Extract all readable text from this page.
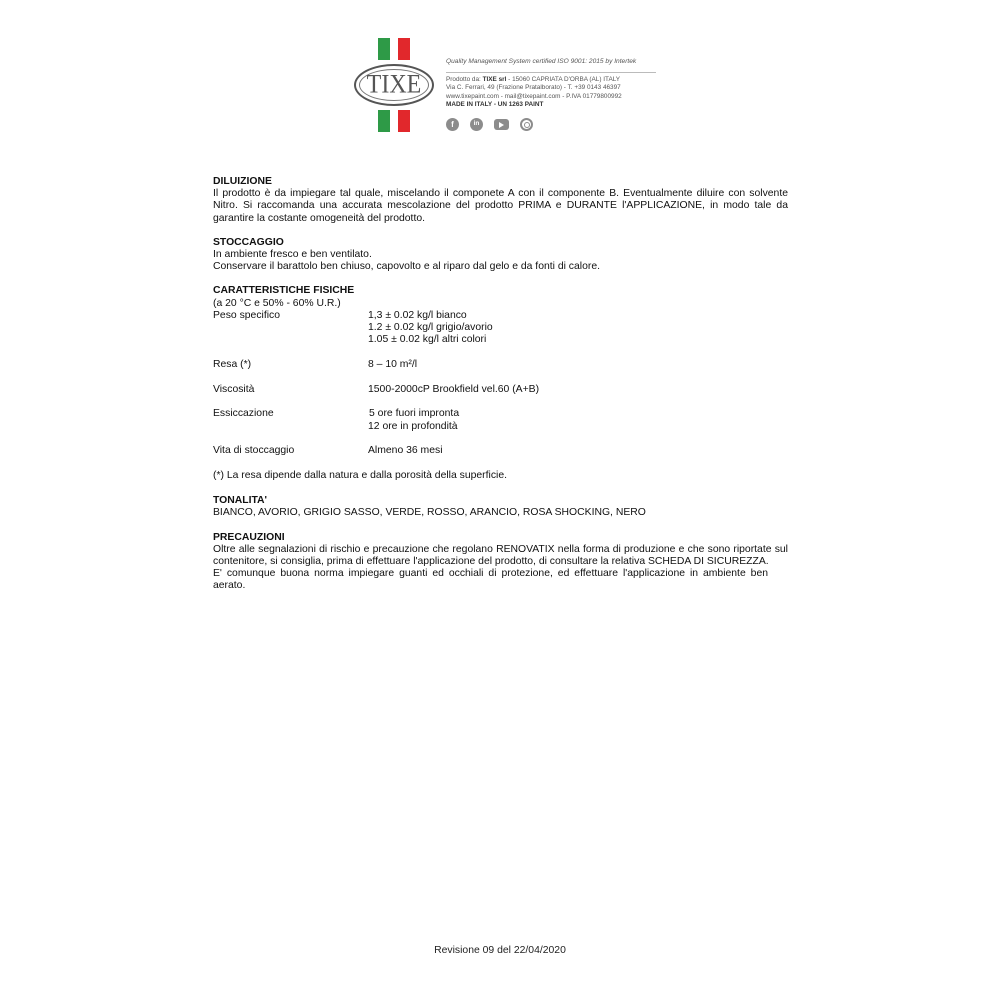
TIXE
Quality Management System certified ISO 9001: 2015 by Intertek
Prodotto da: TIXE srl - 15060 CAPRIATA D'ORBA (AL) ITALY
Via C. Ferrari, 49 (Frazione Pratalborato) - T. +39 0143 46397
www.tixepaint.com - mail@tixepaint.com - P.IVA 01779800992
MADE IN ITALY - UN 1263 PAINT
f	in
DILUIZIONE

Il prodotto è da impiegare tal quale, miscelando il componete A con il componente B. Eventualmente diluire con solvente Nitro. Si raccomanda una accurata mescolazione del prodotto PRIMA e DURANTE l'APPLICAZIONE, in modo tale da garantire la costante omogeneità del prodotto.

STOCCAGGIO
In ambiente fresco e ben ventilato.
Conservare il barattolo ben chiuso, capovolto e al riparo dal gelo e da fonti di calore.
CARATTERISTICHE FISICHE
(a 20 °C e 50% - 60% U.R.)
Peso specifico	1,3 ± 0.02 kg/l bianco
1.2 ± 0.02 kg/l grigio/avorio
1.05 ± 0.02 kg/l altri colori
Resa (*)	8 – 10 m²/l
Viscosità	1500-2000cP Brookfield vel.60 (A+B)
Essiccazione	5 ore fuori impronta
12 ore in profondità
Vita di stoccaggio	Almeno 36 mesi
(*) La resa dipende dalla natura e dalla porosità della superficie.
TONALITA'
BIANCO, AVORIO, GRIGIO SASSO, VERDE, ROSSO, ARANCIO, ROSA SHOCKING, NERO
PRECAUZIONI

Oltre alle segnalazioni di rischio e precauzione che regolano RENOVATIX nella forma di produzione e che sono riportate sul contenitore, si consiglia, prima di effettuare l'applicazione del prodotto, di consultare la relativa SCHEDA DI SICUREZZA.

E' comunque buona norma impiegare guanti ed occhiali di protezione, ed effettuare l'applicazione in ambiente ben aerato.

Revisione 09 del 22/04/2020
